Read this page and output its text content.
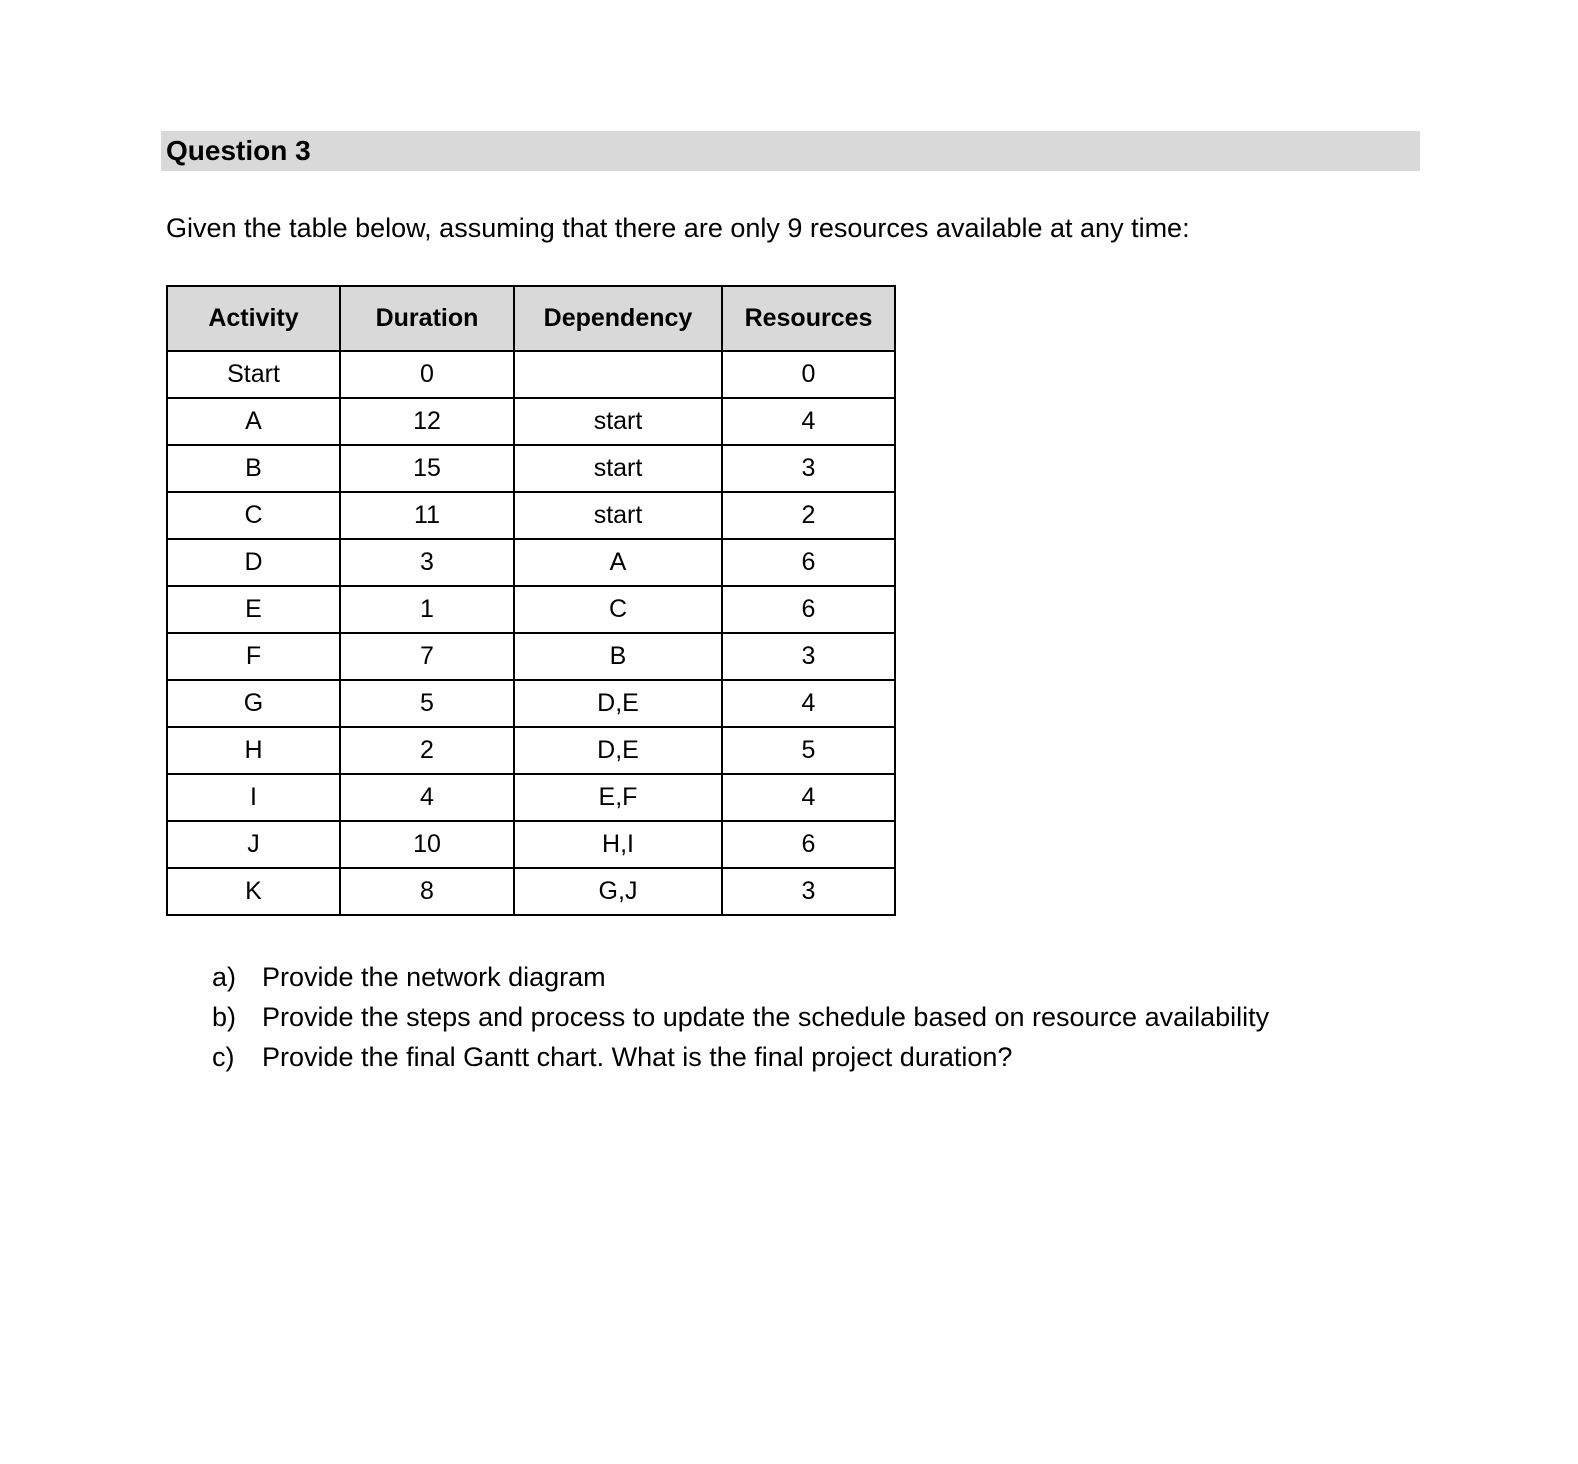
Question 3
Given the table below, assuming that there are only 9 resources available at any time:
Activity	Duration	Dependency	Resources
Start	0		0
A	12	start	4
B	15	start	3
C	11	start	2
D	3	A	6
E	1	C	6
F	7	B	3
G	5	D,E	4
H	2	D,E	5
I	4	E,F	4
J	10	H,I	6
K	8	G,J	3
a) Provide the network diagram
b) Provide the steps and process to update the schedule based on resource availability
c)	Provide the final Gantt chart. What is the final project duration?
